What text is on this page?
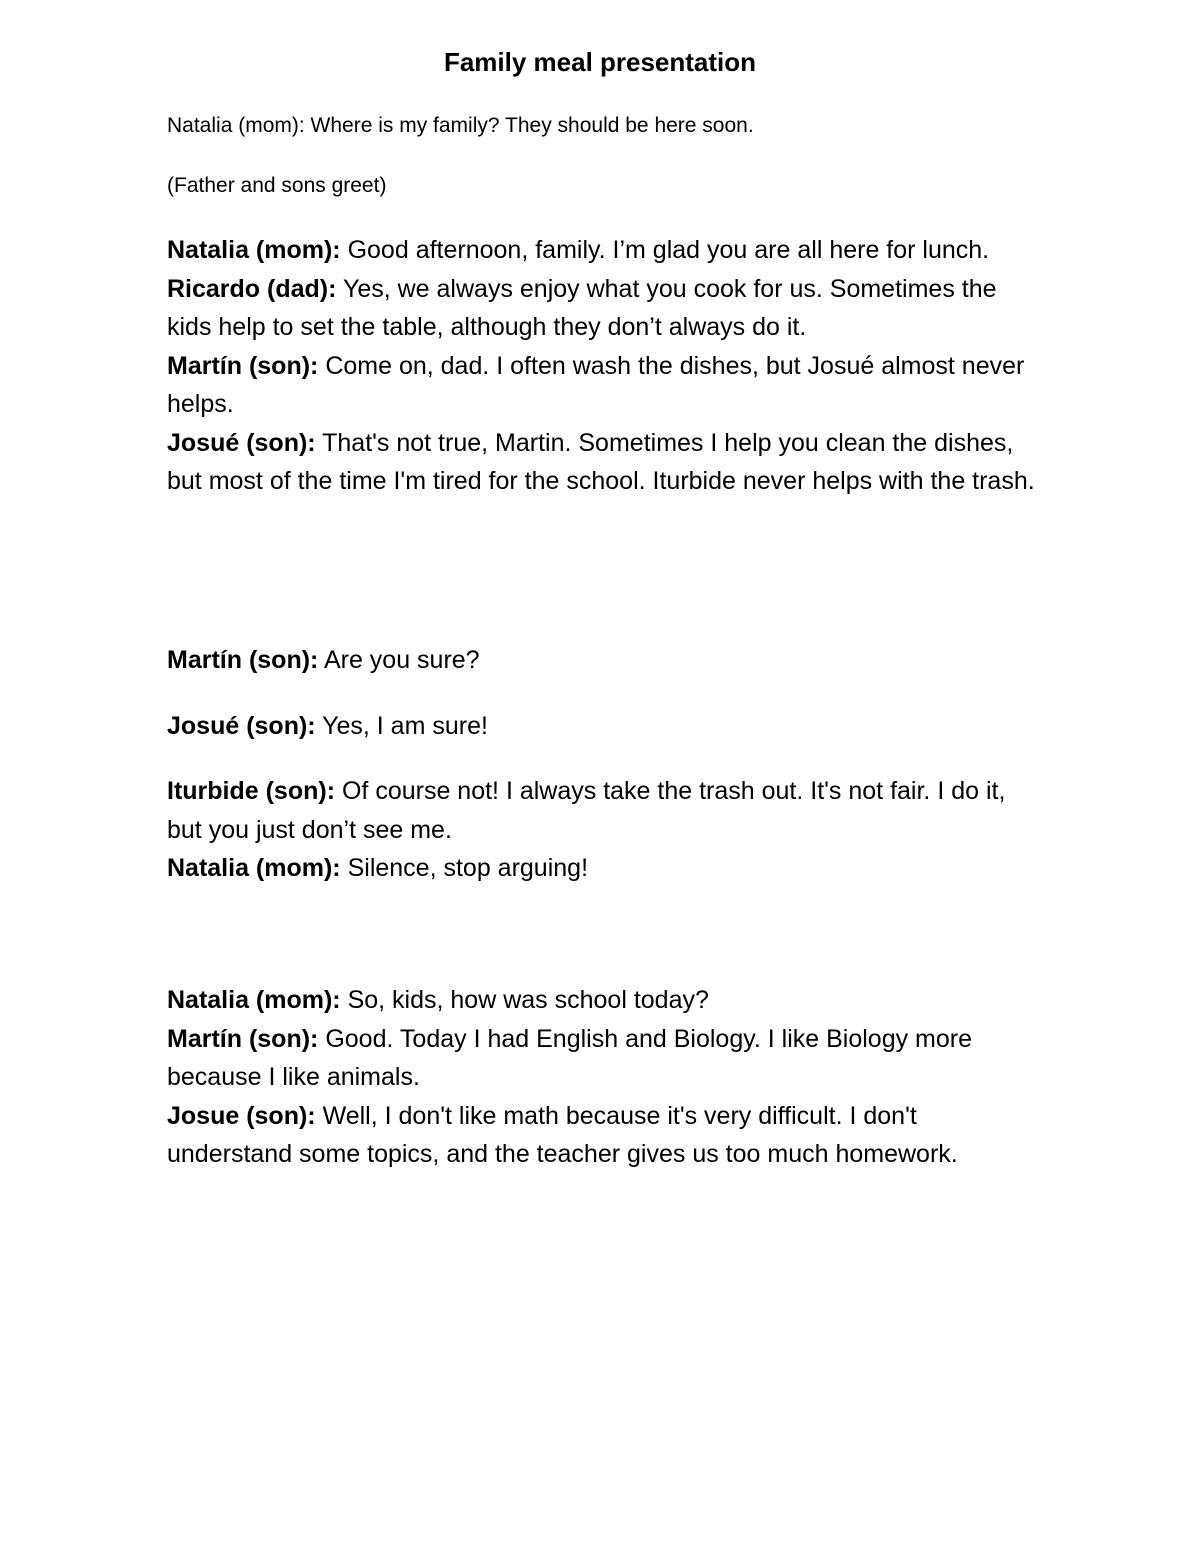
Family meal presentation
Natalia (mom): Where is my family? They should be here soon.
(Father and sons greet)
Natalia (mom): Good afternoon, family. I’m glad you are all here for lunch.
Ricardo (dad): Yes, we always enjoy what you cook for us. Sometimes the kids help to set the table, although they don’t always do it.
Martín (son): Come on, dad. I often wash the dishes, but Josué almost never helps.
Josué (son): That's not true, Martin. Sometimes I help you clean the dishes, but most of the time I'm tired for the school. Iturbide never helps with the trash.
Martín (son): Are you sure?
Josué (son): Yes, I am sure!
Iturbide (son): Of course not! I always take the trash out. It's not fair. I do it, but you just don’t see me.
Natalia (mom): Silence, stop arguing!
Natalia (mom): So, kids, how was school today?
Martín (son): Good. Today I had English and Biology. I like Biology more because I like animals.
Josue (son): Well, I don't like math because it's very difficult. I don't understand some topics, and the teacher gives us too much homework.
